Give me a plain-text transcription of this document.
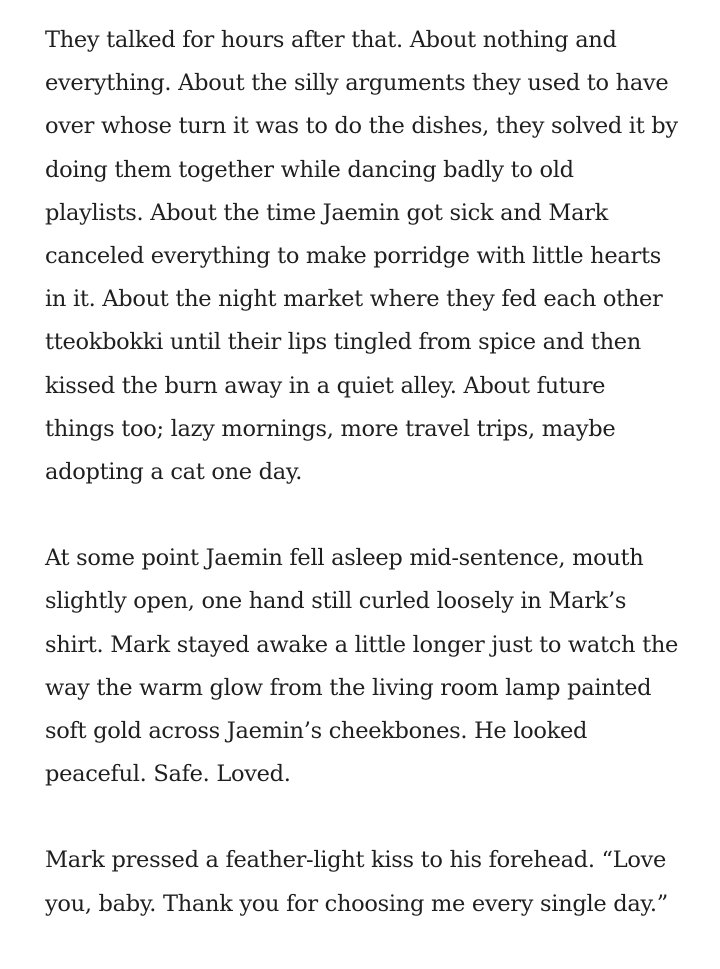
They talked for hours after that. About nothing and
everything. About the silly arguments they used to have
over whose turn it was to do the dishes, they solved it by
doing them together while dancing badly to old
playlists. About the time Jaemin got sick and Mark
canceled everything to make porridge with little hearts
in it. About the night market where they fed each other
tteokbokki until their lips tingled from spice and then
kissed the burn away in a quiet alley. About future
things too; lazy mornings, more travel trips, maybe
adopting a cat one day.

At some point Jaemin fell asleep mid-sentence, mouth
slightly open, one hand still curled loosely in Mark’s
shirt. Mark stayed awake a little longer just to watch the
way the warm glow from the living room lamp painted
soft gold across Jaemin’s cheekbones. He looked
peaceful. Safe. Loved.

Mark pressed a feather-light kiss to his forehead. “Love
you, baby. Thank you for choosing me every single day.”
